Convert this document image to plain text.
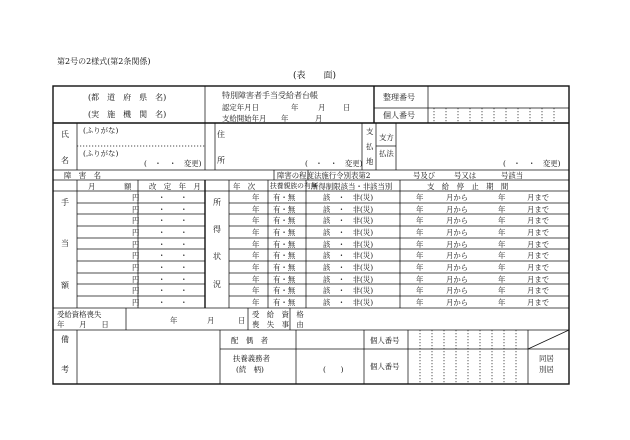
第2号の2様式(第2条関係)
(表　　面)
(都　道　府　県　名)
(実　施　機　関　名)
特別障害者手当受給者台帳
認定年月日	年	月 日
支給開始年月 年	月
整理番号
個人番号
氏
名
(ふりがな)
(ふりがな)
(　・　・　変更)
住
所	(　・　・　変更)
支
払
地
支方
払法
(　・　・　変更)
障　害　名	障害の程度 法施行令別表第2	号及び	号又は	号該当
月	額 改　定　年　月
手
当
額
年　次 扶養親族の有無
所得制限該当・非該当別	支　給　停　止　期　間
所
得
状
況
円	・　　・	年 有・無	該　・　非(災)	年	月から	年	月まで
円	・　　・	年 有・無	該　・　非(災)	年	月から	年	月まで
円	・　　・	年 有・無	該　・　非(災)	年	月から	年	月まで
円	・　　・	年 有・無	該　・　非(災)	年	月から	年	月まで
円	・　　・	年 有・無	該　・　非(災)	年	月から	年	月まで
円	・　　・	年 有・無	該　・　非(災)	年	月から	年	月まで
円	・　　・	年 有・無	該　・　非(災)	年	月から	年	月まで
円	・　　・	年 有・無	該　・　非(災)	年	月から	年	月まで
円	・　　・	年 有・無	該　・　非(災)	年	月から	年	月まで
円	・　　・	年 有・無	該　・　非(災)	年	月から	年	月まで
受給資格喪失
年　　月　　日	年	月	日
受　給　資　格
喪　失　事　由
備
考
配　偶　者
扶養義務者
(続　柄)	(　　)
個人番号
個人番号
同居
別居
